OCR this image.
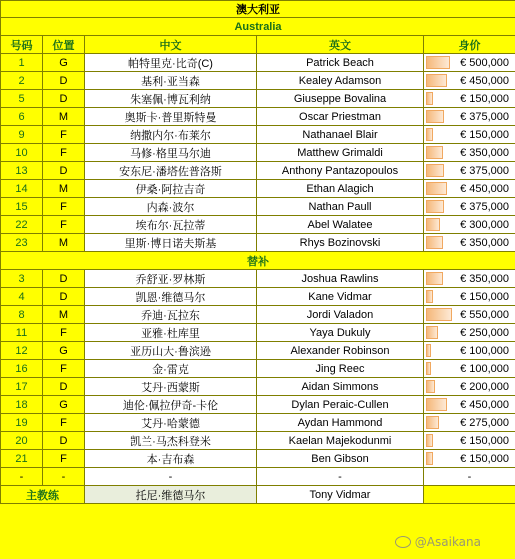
澳大利亚				
Australia				
号码	位置	中文	英文	身价
1	G	帕特里克·比奇(C)	Patrick Beach	€ 500,000
2	D	基利·亚当森	Kealey Adamson	€ 450,000
5	D	朱塞佩·博瓦利纳	Giuseppe Bovalina	€ 150,000
6	M	奥斯卡·普里斯特曼	Oscar Priestman	€ 375,000
9	F	纳撒内尔·布莱尔	Nathanael Blair	€ 150,000
10	F	马修·格里马尔迪	Matthew Grimaldi	€ 350,000
13	D	安东尼·潘塔佐普洛斯	Anthony Pantazopoulos	€ 375,000
14	M	伊桑·阿拉吉奇	Ethan Alagich	€ 450,000
15	F	内森·波尔	Nathan Paull	€ 375,000
22	F	埃布尔·瓦拉蒂	Abel Walatee	€ 300,000
23	M	里斯·博日诺夫斯基	Rhys Bozinovski	€ 350,000
替补				
3	D	乔舒亚·罗林斯	Joshua Rawlins	€ 350,000
4	D	凯恩·维德马尔	Kane Vidmar	€ 150,000
8	M	乔迪·瓦拉东	Jordi Valadon	€ 550,000
11	F	亚雅·杜库里	Yaya Dukuly	€ 250,000
12	G	亚历山大·鲁滨逊	Alexander Robinson	€ 100,000
16	F	金·雷克	Jing Reec	€ 100,000
17	D	艾丹·西蒙斯	Aidan Simmons	€ 200,000
18	G	迪伦·佩拉伊奇-卡伦	Dylan Peraic-Cullen	€ 450,000
19	F	艾丹·哈蒙德	Aydan Hammond	€ 275,000
20	D	凯兰·马杰科登米	Kaelan Majekodunmi	€ 150,000
21	F	本·吉布森	Ben Gibson	€ 150,000
-	-	-	-	-
主教练		托尼·维德马尔	Tony Vidmar	
@Asaikana
